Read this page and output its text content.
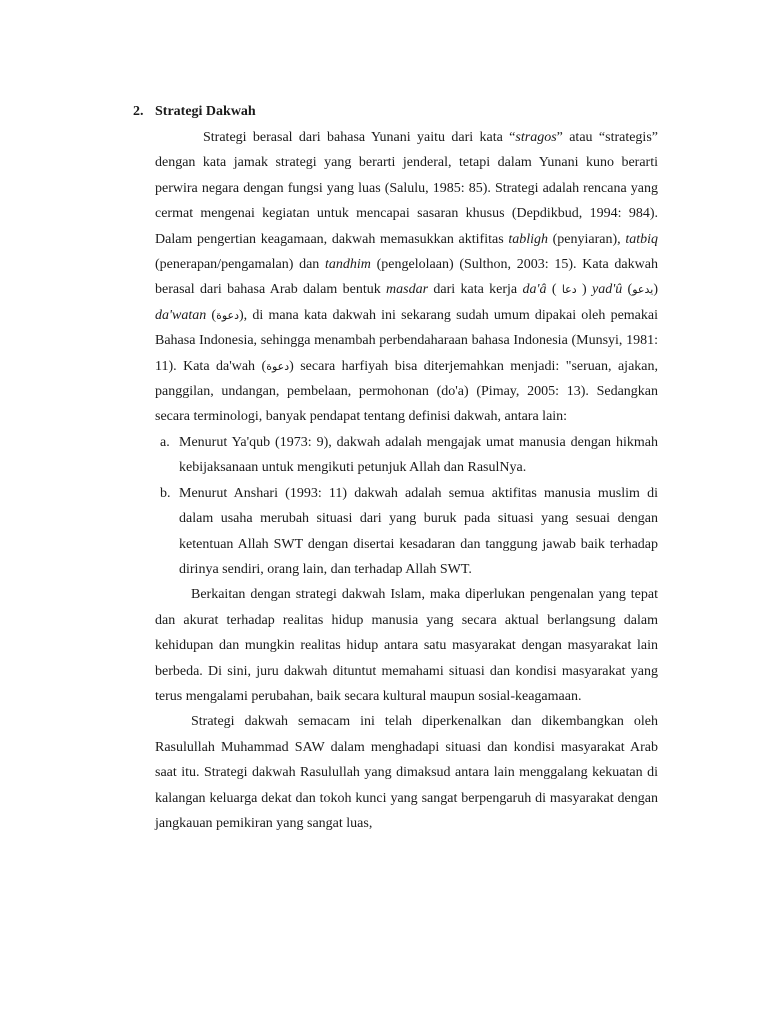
2. Strategi Dakwah

Strategi berasal dari bahasa Yunani yaitu dari kata “stragos” atau “strategis” dengan kata jamak strategi yang berarti jenderal, tetapi dalam Yunani kuno berarti perwira negara dengan fungsi yang luas (Salulu, 1985: 85). Strategi adalah rencana yang cermat mengenai kegiatan untuk mencapai sasaran khusus (Depdikbud, 1994: 984). Dalam pengertian keagamaan, dakwah memasukkan aktifitas tabligh (penyiaran), tatbiq (penerapan/pengamalan) dan tandhim (pengelolaan) (Sulthon, 2003: 15). Kata dakwah berasal dari bahasa Arab dalam bentuk masdar dari kata kerja da'â ( دعا ) yad'û (يدعو) da'watan (دعوة), di mana kata dakwah ini sekarang sudah umum dipakai oleh pemakai Bahasa Indonesia, sehingga menambah perbendaharaan bahasa Indonesia (Munsyi, 1981: 11). Kata da'wah (دعوة) secara harfiyah bisa diterjemahkan menjadi: "seruan, ajakan, panggilan, undangan, pembelaan, permohonan (do'a) (Pimay, 2005: 13). Sedangkan secara terminologi, banyak pendapat tentang definisi dakwah, antara lain:

a. Menurut Ya'qub (1973: 9), dakwah adalah mengajak umat manusia dengan hikmah kebijaksanaan untuk mengikuti petunjuk Allah dan RasulNya.
b. Menurut Anshari (1993: 11) dakwah adalah semua aktifitas manusia muslim di dalam usaha merubah situasi dari yang buruk pada situasi yang sesuai dengan ketentuan Allah SWT dengan disertai kesadaran dan tanggung jawab baik terhadap dirinya sendiri, orang lain, dan terhadap Allah SWT.

Berkaitan dengan strategi dakwah Islam, maka diperlukan pengenalan yang tepat dan akurat terhadap realitas hidup manusia yang secara aktual berlangsung dalam kehidupan dan mungkin realitas hidup antara satu masyarakat dengan masyarakat lain berbeda. Di sini, juru dakwah dituntut memahami situasi dan kondisi masyarakat yang terus mengalami perubahan, baik secara kultural maupun sosial-keagamaan.

Strategi dakwah semacam ini telah diperkenalkan dan dikembangkan oleh Rasulullah Muhammad SAW dalam menghadapi situasi dan kondisi masyarakat Arab saat itu. Strategi dakwah Rasulullah yang dimaksud antara lain menggalang kekuatan di kalangan keluarga dekat dan tokoh kunci yang sangat berpengaruh di masyarakat dengan jangkauan pemikiran yang sangat luas,
